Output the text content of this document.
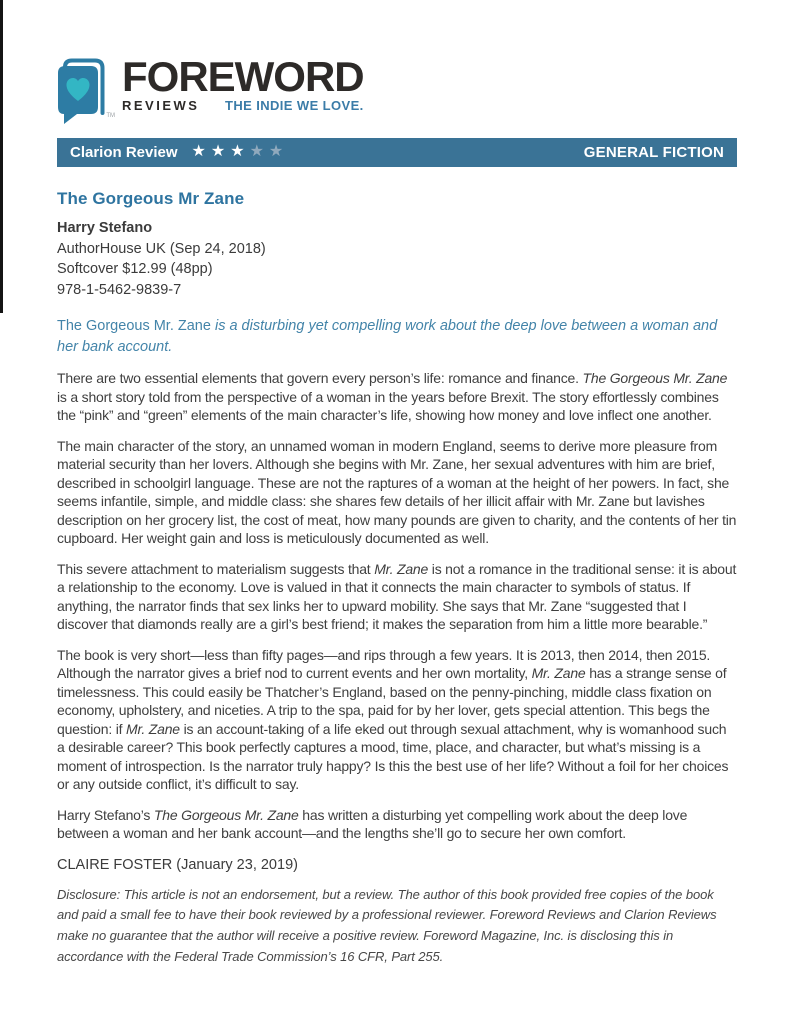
TM
FOREWORD
REVIEWS THE INDIE WE LOVE.
Clarion Review ★★★★★	GENERAL FICTION
The Gorgeous Mr Zane
Harry Stefano
AuthorHouse UK (Sep 24, 2018)
Softcover $12.99 (48pp)
978-1-5462-9839-7
The Gorgeous Mr. Zane is a disturbing yet compelling work about the deep love between a woman and her bank account.

There are two essential elements that govern every person’s life: romance and finance. The Gorgeous Mr. Zane is a short story told from the perspective of a woman in the years before Brexit. The story effortlessly combines the “pink” and “green” elements of the main character’s life, showing how money and love inflect one another.

The main character of the story, an unnamed woman in modern England, seems to derive more pleasure from material security than her lovers. Although she begins with Mr. Zane, her sexual adventures with him are brief, described in schoolgirl language. These are not the raptures of a woman at the height of her powers. In fact, she seems infantile, simple, and middle class: she shares few details of her illicit affair with Mr. Zane but lavishes description on her grocery list, the cost of meat, how many pounds are given to charity, and the contents of her tin cupboard. Her weight gain and loss is meticulously documented as well.

This severe attachment to materialism suggests that Mr. Zane is not a romance in the traditional sense: it is about a relationship to the economy. Love is valued in that it connects the main character to symbols of status. If anything, the narrator finds that sex links her to upward mobility. She says that Mr. Zane “suggested that I discover that diamonds really are a girl’s best friend; it makes the separation from him a little more bearable.”

The book is very short—less than fifty pages—and rips through a few years. It is 2013, then 2014, then 2015. Although the narrator gives a brief nod to current events and her own mortality, Mr. Zane has a strange sense of timelessness. This could easily be Thatcher’s England, based on the penny-pinching, middle class fixation on economy, upholstery, and niceties. A trip to the spa, paid for by her lover, gets special attention. This begs the question: if Mr. Zane is an account-taking of a life eked out through sexual attachment, why is womanhood such a desirable career? This book perfectly captures a mood, time, place, and character, but what’s missing is a moment of introspection. Is the narrator truly happy? Is this the best use of her life? Without a foil for her choices or any outside conflict, it’s difficult to say.

Harry Stefano’s The Gorgeous Mr. Zane has written a disturbing yet compelling work about the deep love between a woman and her bank account—and the lengths she’ll go to secure her own comfort.

CLAIRE FOSTER (January 23, 2019)
Disclosure: This article is not an endorsement, but a review. The author of this book provided free copies of the book and paid a small fee to have their book reviewed by a professional reviewer. Foreword Reviews and Clarion Reviews make no guarantee that the author will receive a positive review. Foreword Magazine, Inc. is disclosing this in accordance with the Federal Trade Commission’s 16 CFR, Part 255.
